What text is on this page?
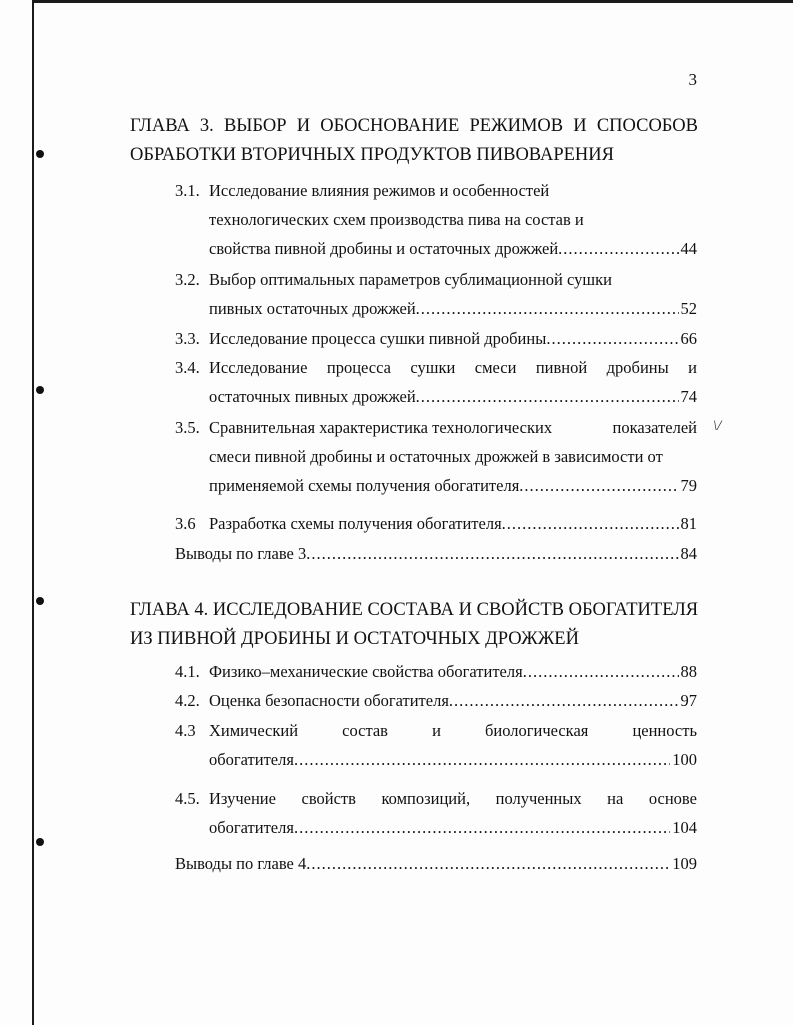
3
ГЛАВА 3. ВЫБОР И ОБОСНОВАНИЕ РЕЖИМОВ И СПОСОБОВ
ОБРАБОТКИ ВТОРИЧНЫХ ПРОДУКТОВ ПИВОВАРЕНИЯ
3.1. Исследование влияния режимов и особенностей
технологических схем производства пива на состав и
свойства пивной дробины и остаточных дрожжей .....	44
3.2. Выбор оптимальных параметров сублимационной сушки
пивных остаточных дрожжей .....	52
3.3. Исследование процесса сушки пивной дробины .....	66
3.4. Исследование процесса сушки смеси пивной дробины и
остаточных пивных дрожжей .....	74
3.5. Сравнительная характеристика технологических	показателей
смеси пивной дробины и остаточных дрожжей в зависимости от
применяемой схемы получения обогатителя .....	79
\/
3.6 Разработка схемы получения обогатителя .....	81
Выводы по главе 3 .....	84
ГЛАВА 4. ИССЛЕДОВАНИЕ СОСТАВА И СВОЙСТВ ОБОГАТИТЕЛЯ
ИЗ ПИВНОЙ ДРОБИНЫ И ОСТАТОЧНЫХ ДРОЖЖЕЙ
4.1. Физико–механические свойства обогатителя .....	88
4.2. Оценка безопасности обогатителя .....	97
4.3 Химический	состав	и	биологическая	ценность
обогатителя .....	100
4.5. Изучение свойств композиций, полученных на основе
обогатителя .....	104
Выводы по главе 4 .....	109
